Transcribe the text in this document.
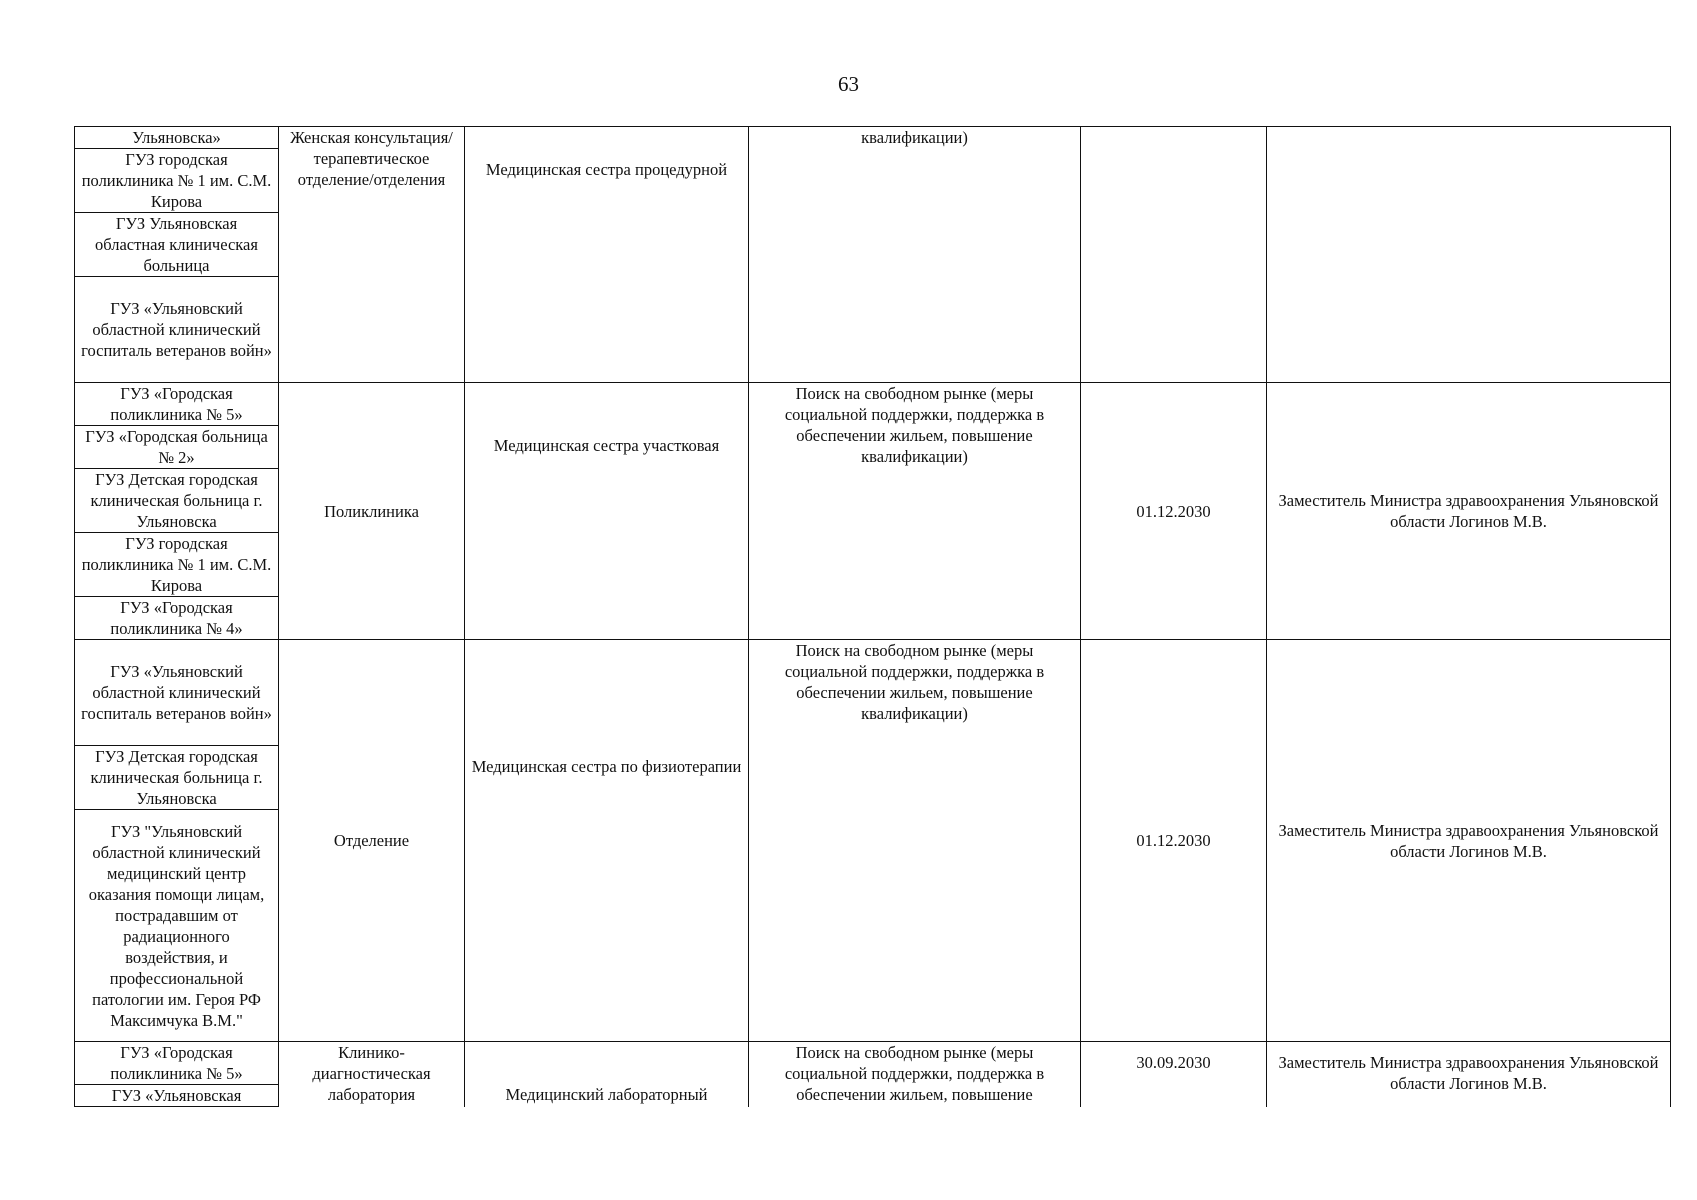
63
Ульяновска»	Женская консультация/ терапевтическое отделение/отделения	Медицинская сестра процедурной	квалификации)		
ГУЗ городская поликлиника № 1 им. С.М. Кирова					
ГУЗ Ульяновская областная клиническая больница					
ГУЗ «Ульяновский областной клинический госпиталь ветеранов войн»					
ГУЗ «Городская поликлиника № 5»	Поликлиника	Медицинская сестра участковая	Поиск на свободном рынке (меры социальной поддержки, поддержка в обеспечении жильем, повышение квалификации)	01.12.2030	Заместитель Министра здравоохранения Ульяновской области Логинов М.В.
ГУЗ «Городская больница № 2»					
ГУЗ Детская городская клиническая больница г. Ульяновска					
ГУЗ городская поликлиника № 1 им. С.М. Кирова					
ГУЗ «Городская поликлиника № 4»					
ГУЗ «Ульяновский областной клинический госпиталь ветеранов войн»	Отделение	Медицинская сестра по физиотерапии	Поиск на свободном рынке (меры социальной поддержки, поддержка в обеспечении жильем, повышение квалификации)	01.12.2030	Заместитель Министра здравоохранения Ульяновской области Логинов М.В.
ГУЗ Детская городская клиническая больница г. Ульяновска					
ГУЗ "Ульяновский областной клинический медицинский центр оказания помощи лицам, пострадавшим от радиационного воздействия, и профессиональной патологии им. Героя РФ Максимчука В.М."					
ГУЗ «Городская поликлиника № 5»	Клинико-диагностическая лаборатория	Медицинский лабораторный	Поиск на свободном рынке (меры социальной поддержки, поддержка в обеспечении жильем, повышение	30.09.2030	Заместитель Министра здравоохранения Ульяновской области Логинов М.В.
ГУЗ «Ульяновская					
